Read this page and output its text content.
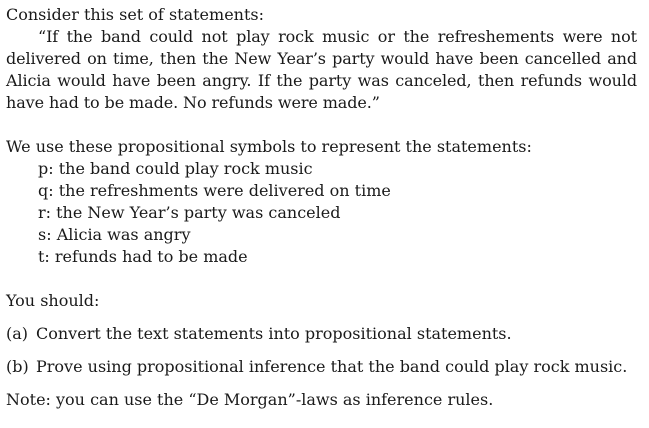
Consider this set of statements:

“If the band could not play rock music or the refreshements were not delivered on time, then the New Year’s party would have been cancelled and Alicia would have been angry. If the party was canceled, then refunds would have had to be made. No refunds were made.”

We use these propositional symbols to represent the statements:

p: the band could play rock music
q: the refreshments were delivered on time
r: the New Year’s party was canceled
s: Alicia was angry
t: refunds had to be made

You should:

(a) Convert the text statements into propositional statements.

(b) Prove using propositional inference that the band could play rock music.

Note: you can use the “De Morgan”-laws as inference rules.
